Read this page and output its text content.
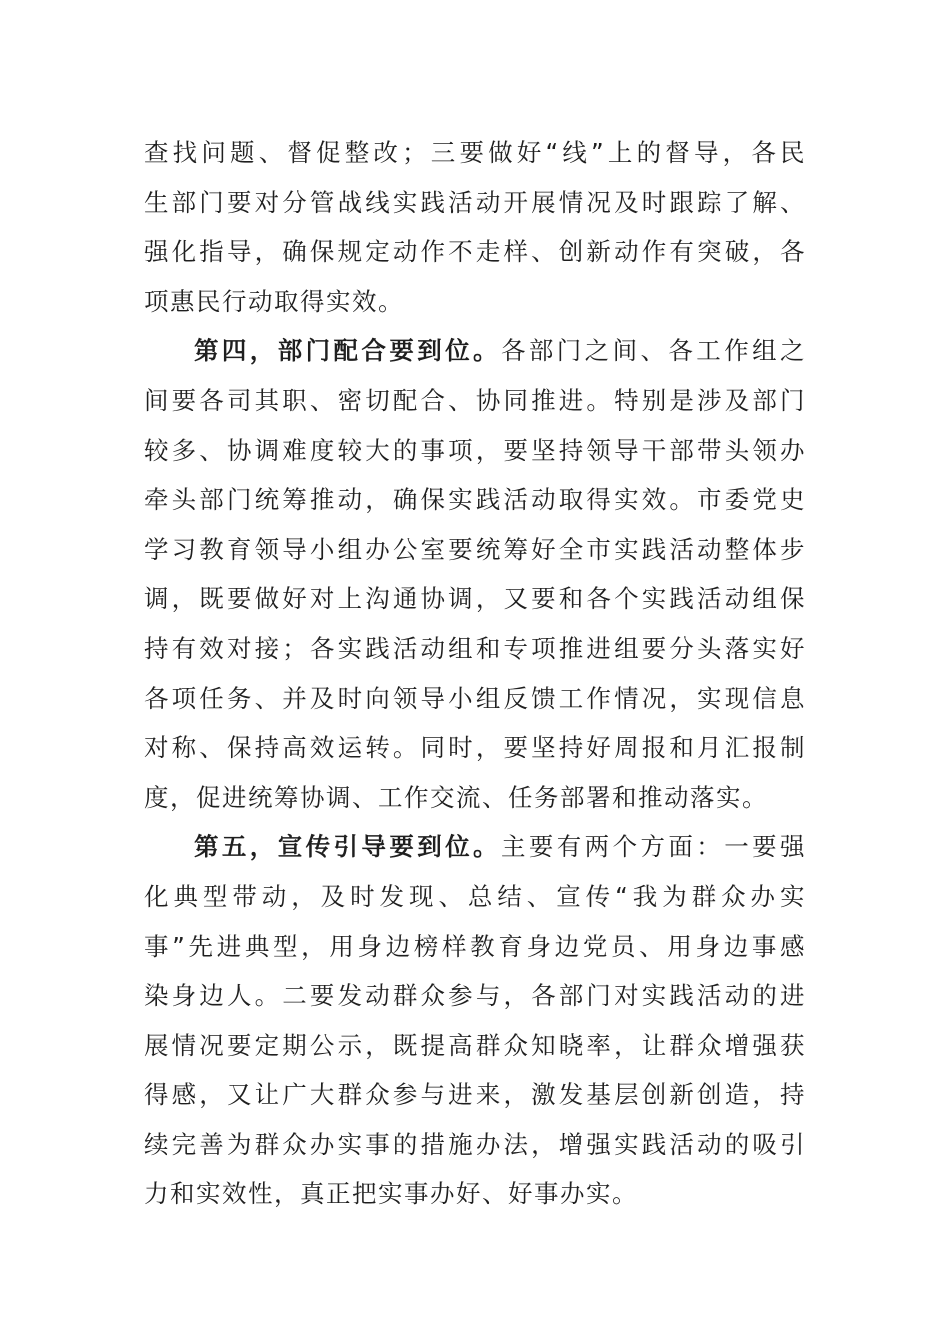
查找问题、督促整改；三要做好“线”上的督导，各民
生部门要对分管战线实践活动开展情况及时跟踪了解、
强化指导，确保规定动作不走样、创新动作有突破，各
项惠民行动取得实效。
第四，部门配合要到位。各部门之间、各工作组之
间要各司其职、密切配合、协同推进。特别是涉及部门
较多、协调难度较大的事项，要坚持领导干部带头领办
牵头部门统筹推动，确保实践活动取得实效。市委党史
学习教育领导小组办公室要统筹好全市实践活动整体步
调，既要做好对上沟通协调，又要和各个实践活动组保
持有效对接；各实践活动组和专项推进组要分头落实好
各项任务、并及时向领导小组反馈工作情况，实现信息
对称、保持高效运转。同时，要坚持好周报和月汇报制
度，促进统筹协调、工作交流、任务部署和推动落实。
第五，宣传引导要到位。主要有两个方面：一要强
化典型带动，及时发现、总结、宣传“我为群众办实
事”先进典型，用身边榜样教育身边党员、用身边事感
染身边人。二要发动群众参与，各部门对实践活动的进
展情况要定期公示，既提高群众知晓率，让群众增强获
得感，又让广大群众参与进来，激发基层创新创造，持
续完善为群众办实事的措施办法，增强实践活动的吸引
力和实效性，真正把实事办好、好事办实。
